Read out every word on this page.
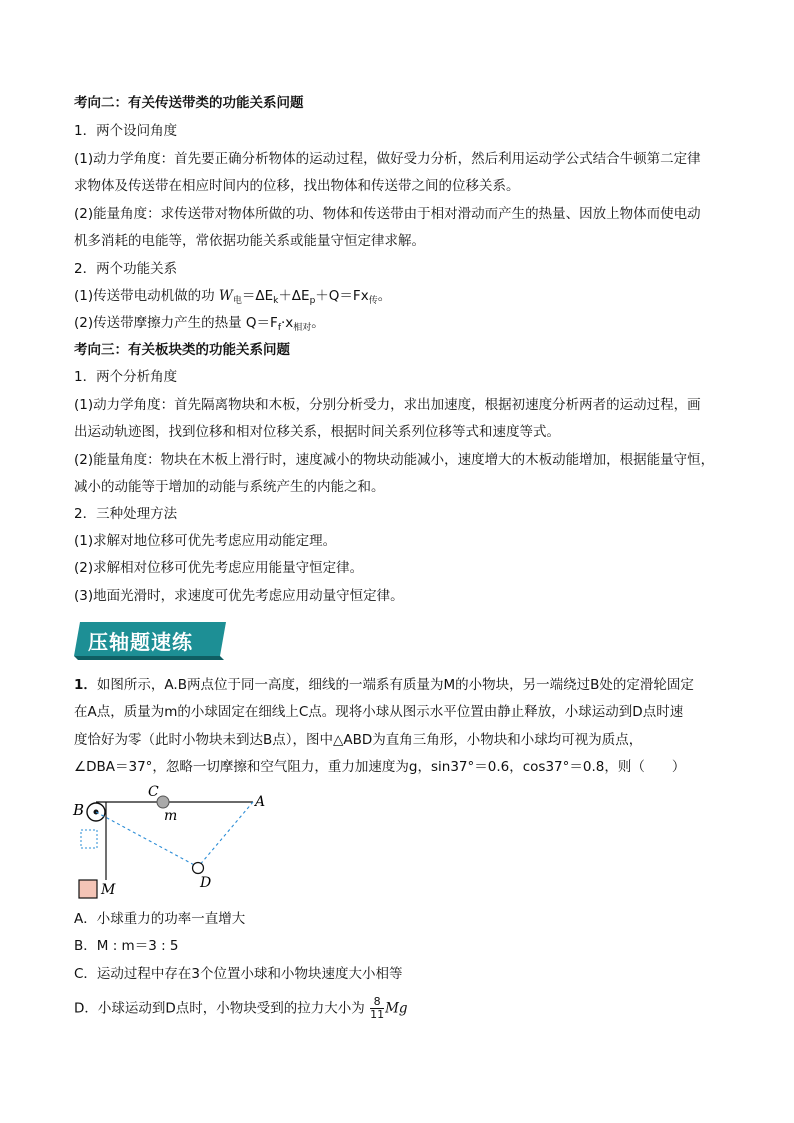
考向二：有关传送带类的功能关系问题
1．两个设问角度
(1)动力学角度：首先要正确分析物体的运动过程，做好受力分析，然后利用运动学公式结合牛顿第二定律
求物体及传送带在相应时间内的位移，找出物体和传送带之间的位移关系。
(2)能量角度：求传送带对物体所做的功、物体和传送带由于相对滑动而产生的热量、因放上物体而使电动
机多消耗的电能等，常依据功能关系或能量守恒定律求解。
2．两个功能关系
(1)传送带电动机做的功 $W_电=\Delta E_k+\Delta E_p+Q=Fx_传$。
(2)传送带摩擦力产生的热量 $Q=F_f\cdot x_{相对}$。
考向三：有关板块类的功能关系问题
1．两个分析角度
(1)动力学角度：首先隔离物块和木板，分别分析受力，求出加速度，根据初速度分析两者的运动过程，画
出运动轨迹图，找到位移和相对位移关系，根据时间关系列位移等式和速度等式。
(2)能量角度：物块在木板上滑行时，速度减小的物块动能减小，速度增大的木板动能增加，根据能量守恒，
减小的动能等于增加的动能与系统产生的内能之和。
2．三种处理方法
(1)求解对地位移可优先考虑应用动能定理。
(2)求解相对位移可优先考虑应用能量守恒定律。
(3)地面光滑时，求速度可优先考虑应用动量守恒定律。
压轴题速练
1．如图所示，A.B两点位于同一高度，细线的一端系有质量为M的小物块，另一端绕过B处的定滑轮固定
在A点，质量为m的小球固定在细线上C点。现将小球从图示水平位置由静止释放，小球运动到D点时速
度恰好为零（此时小物块未到达B点），图中△ABD为直角三角形，小物块和小球均可视为质点，
∠DBA＝37°，忽略一切摩擦和空气阻力，重力加速度为g，sin37°＝0.6，cos37°＝0.8，则（　　）
B
C
m
A
D
M
A．小球重力的功率一直增大
B．M : m＝3 : 5
C．运动过程中存在3个位置小球和小物块速度大小相等
D．小球运动到D点时，小物块受到的拉力大小为 $\frac{8}{11}$ Mg
